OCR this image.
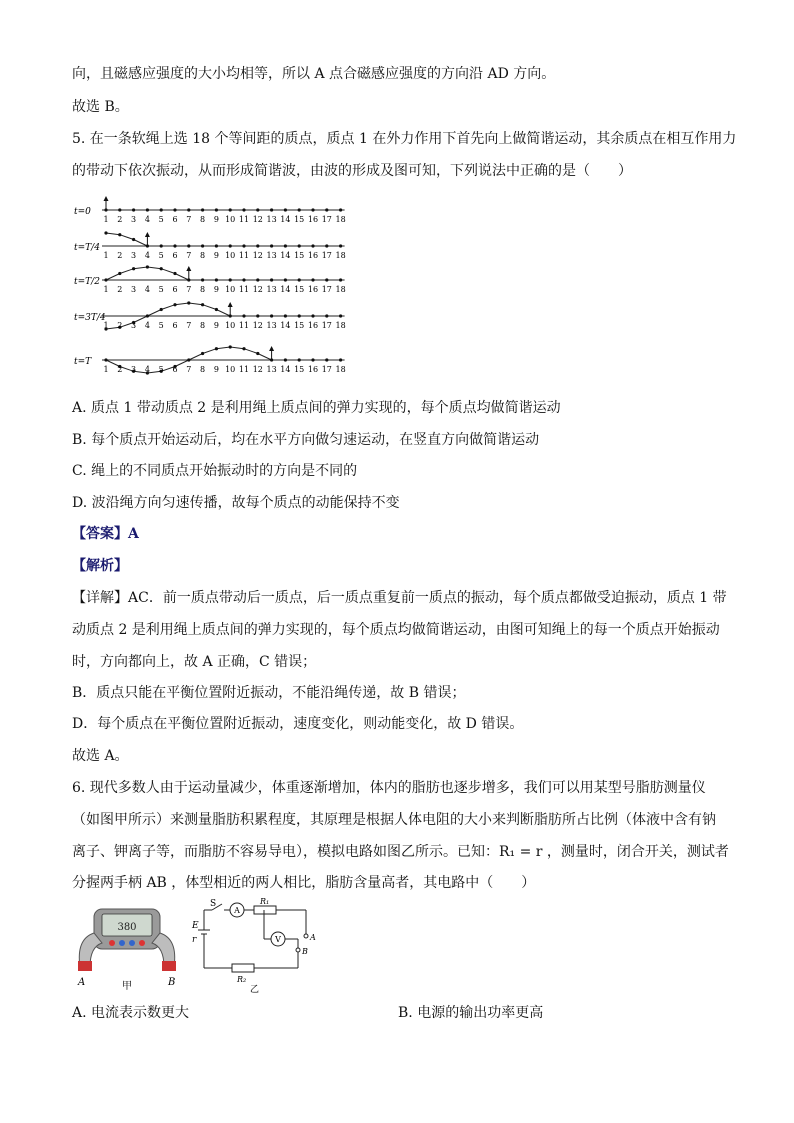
向，且磁感应强度的大小均相等，所以 A 点合磁感应强度的方向沿 AD 方向。
故选 B。
5. 在一条软绳上选 18 个等间距的质点，质点 1 在外力作用下首先向上做简谐运动，其余质点在相互作用力
的带动下依次振动，从而形成简谐波，由波的形成及图可知，下列说法中正确的是（　　）
t=0
1 2 3 4 5 6 7 8 9 10 11 12 13 14 15 16 17 18
t=T/4
1 2 3 4 5 6 7 8 9 10 11 12 13 14 15 16 17 18
t=T/2
1 2 3 4 5 6 7 8 9 10 11 12 13 14 15 16 17 18
t=3T/4
1 2 3 4 5 6 7 8 9 10 11 12 13 14 15 16 17 18
t=T
1 2 3 4 5 6 7 8 9 10 11 12 13 14 15 16 17 18
A. 质点 1 带动质点 2 是利用绳上质点间的弹力实现的，每个质点均做简谐运动
B. 每个质点开始运动后，均在水平方向做匀速运动，在竖直方向做简谐运动
C. 绳上的不同质点开始振动时的方向是不同的
D. 波沿绳方向匀速传播，故每个质点的动能保持不变
【答案】A
【解析】
【详解】AC．前一质点带动后一质点，后一质点重复前一质点的振动，每个质点都做受迫振动，质点 1 带
动质点 2 是利用绳上质点间的弹力实现的，每个质点均做简谐运动，由图可知绳上的每一个质点开始振动
时，方向都向上，故 A 正确，C 错误；
B．质点只能在平衡位置附近振动，不能沿绳传递，故 B 错误；
D．每个质点在平衡位置附近振动，速度变化，则动能变化，故 D 错误。
故选 A。
6. 现代多数人由于运动量减少，体重逐渐增加，体内的脂肪也逐步增多，我们可以用某型号脂肪测量仪
（如图甲所示）来测量脂肪积累程度，其原理是根据人体电阻的大小来判断脂肪所占比例（体液中含有钠
离子、钾离子等，而脂肪不容易导电），模拟电路如图乙所示。已知：R₁ = r ，测量时，闭合开关，测试者
分握两手柄 AB ，体型相近的两人相比，脂肪含量高者，其电路中（　　）
380
A	B
甲
S
A
R₁
E
r	V	A
B
R₂
乙
A. 电流表示数更大	B. 电源的输出功率更高
